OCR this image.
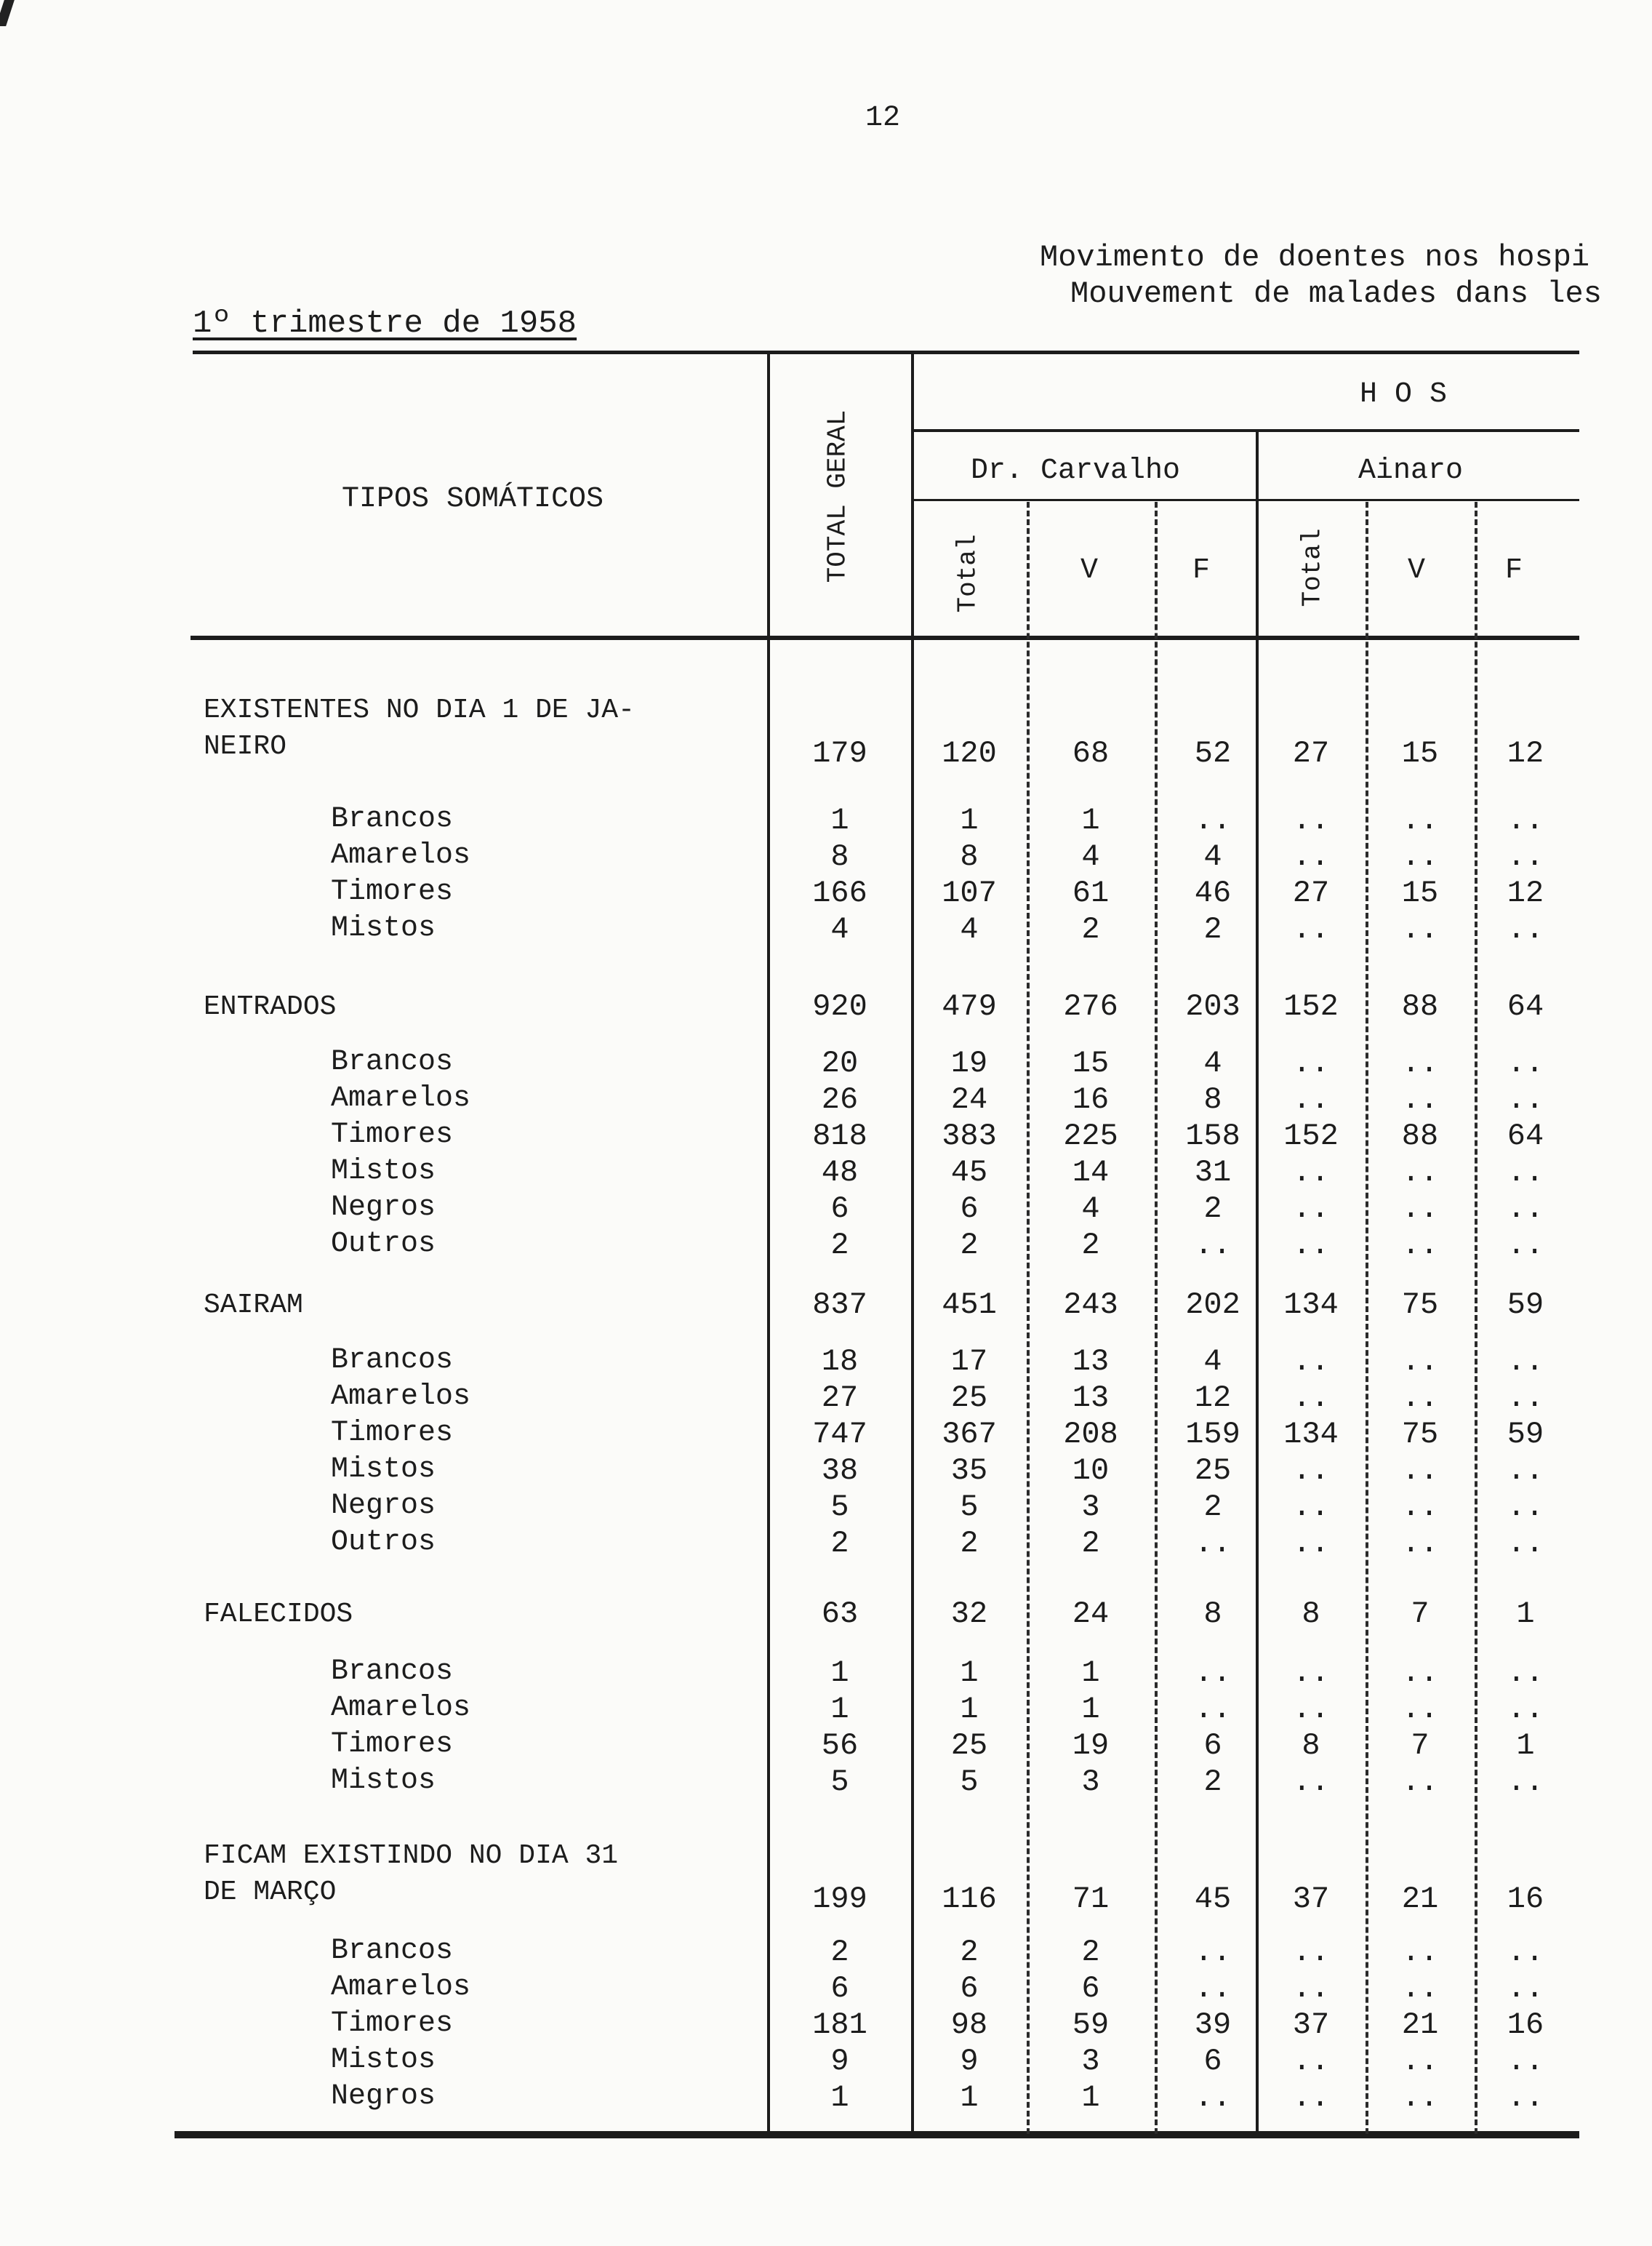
12
Movimento de doentes nos hospi
Mouvement de malades dans les
1º trimestre de 1958
TIPOS SOMÁTICOS	TOTAL GERAL
H O S
Dr. Carvalho	Ainaro
Total	V	F	Total	V	F
EXISTENTES NO DIA 1 DE JA-
NEIRO	179	120	68	52	27	15	12
Brancos	1	1	1	..	..	..	..
Amarelos	8	8	4	4	..	..	..
Timores	166	107	61	46	27	15	12
Mistos	4	4	2	2	..	..	..
ENTRADOS	920	479	276	203	152	88	64
Brancos	20	19	15	4	..	..	..
Amarelos	26	24	16	8	..	..	..
Timores	818	383	225	158	152	88	64
Mistos	48	45	14	31	..	..	..
Negros	6	6	4	2	..	..	..
Outros	2	2	2	..	..	..	..
SAIRAM	837	451	243	202	134	75	59
Brancos	18	17	13	4	..	..	..
Amarelos	27	25	13	12	..	..	..
Timores	747	367	208	159	134	75	59
Mistos	38	35	10	25	..	..	..
Negros	5	5	3	2	..	..	..
Outros	2	2	2	..	..	..	..
FALECIDOS	63	32	24	8	8	7	1
Brancos	1	1	1	..	..	..	..
Amarelos	1	1	1	..	..	..	..
Timores	56	25	19	6	8	7	1
Mistos	5	5	3	2	..	..	..
FICAM EXISTINDO NO DIA 31
DE MARÇO	199	116	71	45	37	21	16
Brancos	2	2	2	..	..	..	..
Amarelos	6	6	6	..	..	..	..
Timores	181	98	59	39	37	21	16
Mistos	9	9	3	6	..	..	..
Negros	1	1	1	..	..	..	..
